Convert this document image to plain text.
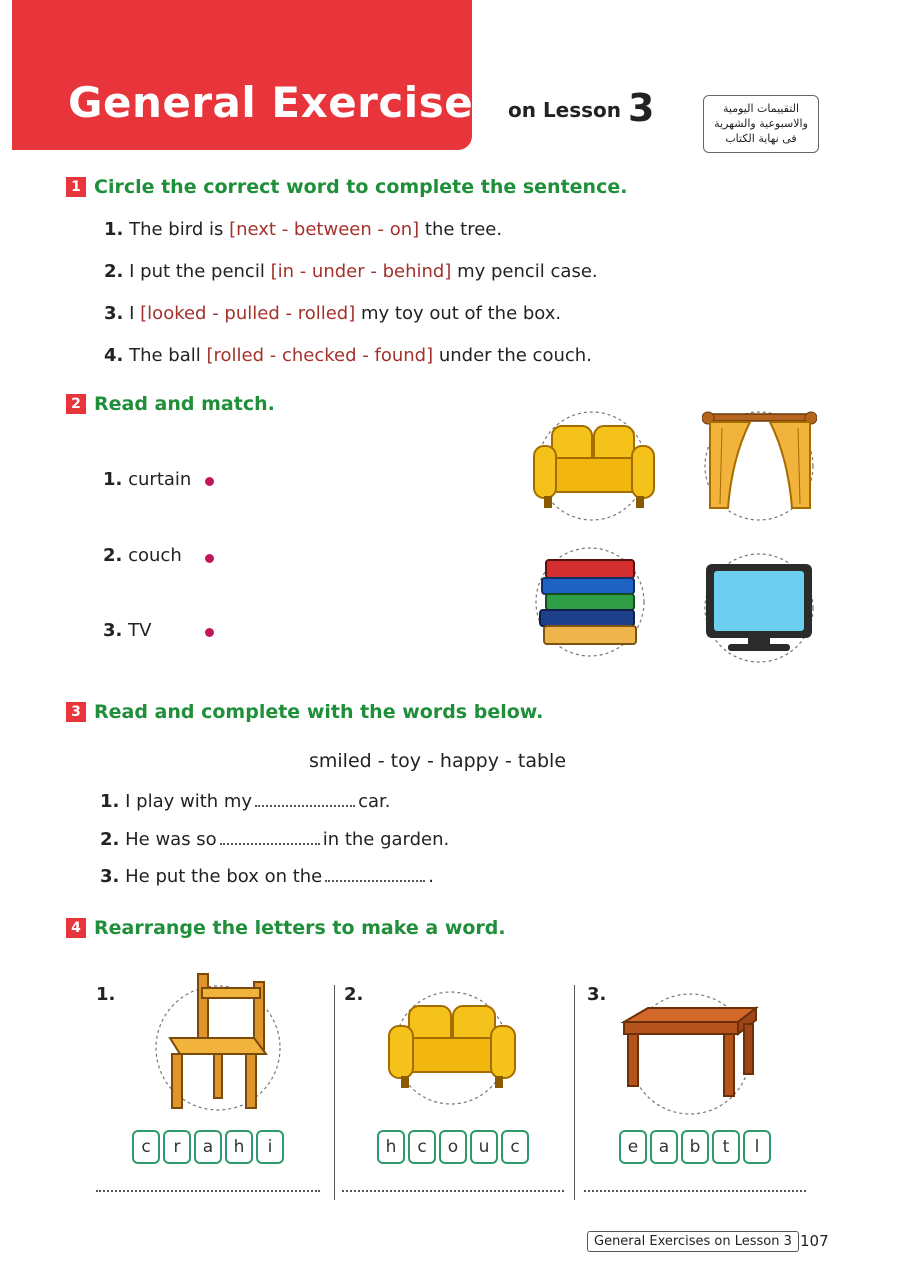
General Exercises on Lesson 3	التقييمات اليومية
والاسبوعية والشهرية
فى نهاية الكتاب
1 Circle the correct word to complete the sentence.
1. The bird is [next - between - on] the tree.
2. I put the pencil [in - under - behind] my pencil case.
3. I [looked - pulled - rolled] my toy out of the box.
4. The ball [rolled - checked - found] under the couch.
2 Read and match.
1. curtain
2. couch
3. TV
3 Read and complete with the words below.
smiled - toy - happy - table
1. I play with my	car.
2. He was so	in the garden.
3. He put the box on the	.
4 Rearrange the letters to make a word.
1.	2.	3.
c	r	a	h	i	h	c	o	u	c	e	a	b	t	l
General Exercises on Lesson 3 107
